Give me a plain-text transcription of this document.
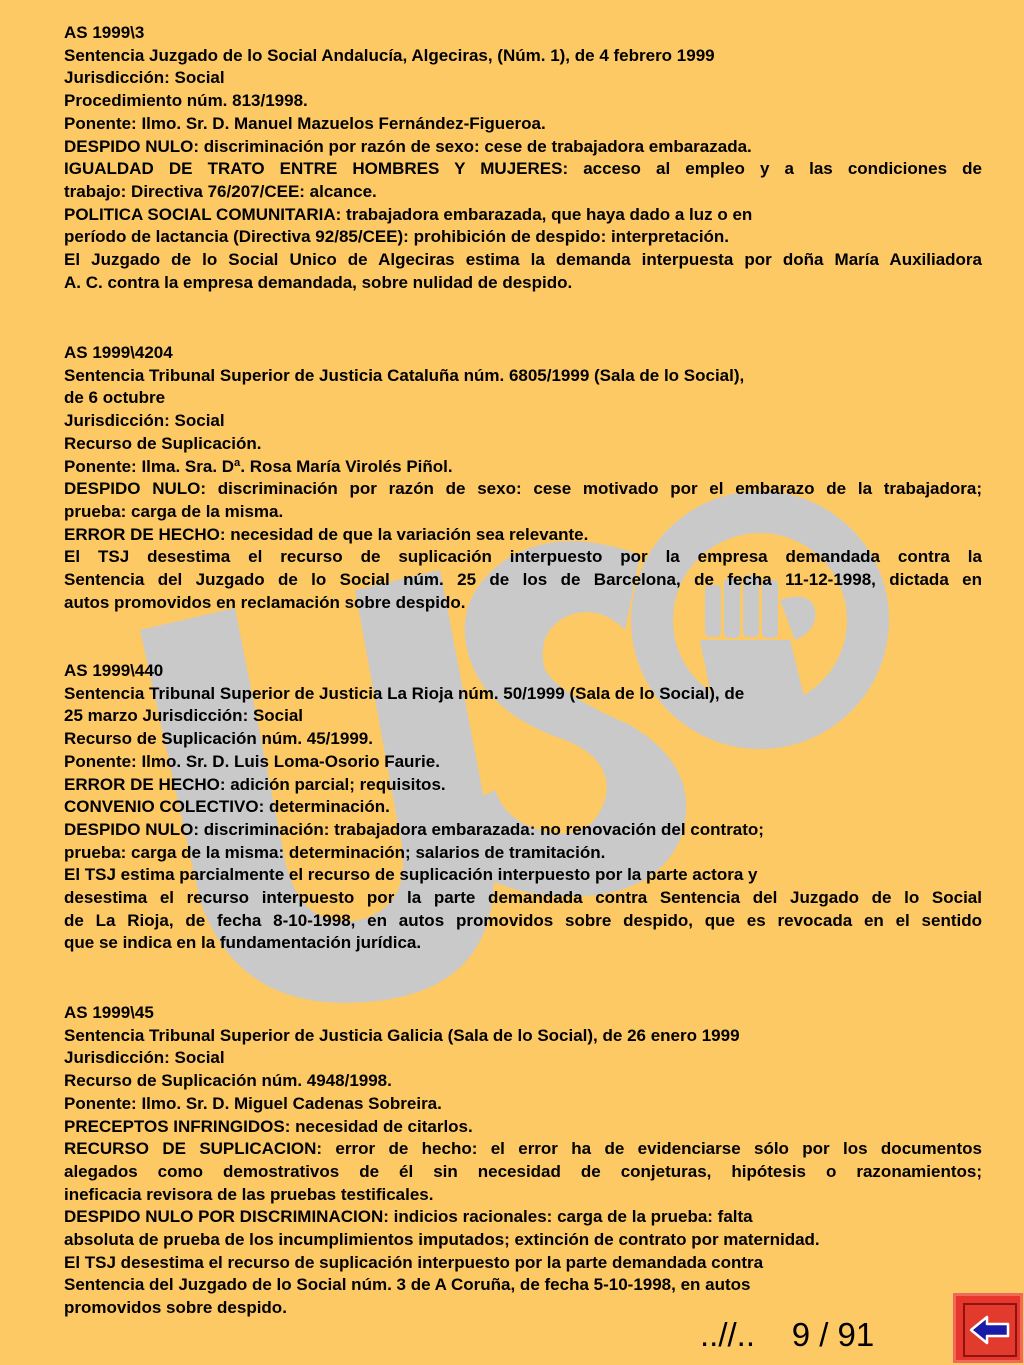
AS 1999\3
Sentencia Juzgado de lo Social Andalucía, Algeciras, (Núm. 1), de 4 febrero 1999
Jurisdicción: Social
Procedimiento núm. 813/1998.
Ponente: Ilmo. Sr. D. Manuel Mazuelos Fernández-Figueroa.
DESPIDO NULO: discriminación por razón de sexo: cese de trabajadora embarazada.
IGUALDAD DE TRATO ENTRE HOMBRES Y MUJERES: acceso al empleo y a las condiciones de
trabajo: Directiva 76/207/CEE: alcance.
POLITICA SOCIAL COMUNITARIA: trabajadora embarazada, que haya dado a luz o en
período de lactancia (Directiva 92/85/CEE): prohibición de despido: interpretación.
El Juzgado de lo Social Unico de Algeciras estima la demanda interpuesta por doña María Auxiliadora
A. C. contra la empresa demandada, sobre nulidad de despido.
AS 1999\4204
Sentencia Tribunal Superior de Justicia Cataluña núm. 6805/1999 (Sala de lo Social),
de 6 octubre
Jurisdicción: Social
Recurso de Suplicación.
Ponente: Ilma. Sra. Dª. Rosa María Virolés Piñol.
DESPIDO NULO: discriminación por razón de sexo: cese motivado por el embarazo de la trabajadora;
prueba: carga de la misma.
ERROR DE HECHO: necesidad de que la variación sea relevante.
El TSJ desestima el recurso de suplicación interpuesto por la empresa demandada contra la
Sentencia del Juzgado de lo Social núm. 25 de los de Barcelona, de fecha 11-12-1998, dictada en
autos promovidos en reclamación sobre despido.
AS 1999\440
Sentencia Tribunal Superior de Justicia La Rioja núm. 50/1999 (Sala de lo Social), de
25 marzo Jurisdicción: Social
Recurso de Suplicación núm. 45/1999.
Ponente: Ilmo. Sr. D. Luis Loma-Osorio Faurie.
ERROR DE HECHO: adición parcial; requisitos.
CONVENIO COLECTIVO: determinación.
DESPIDO NULO: discriminación: trabajadora embarazada: no renovación del contrato;
prueba: carga de la misma: determinación; salarios de tramitación.
El TSJ estima parcialmente el recurso de suplicación interpuesto por la parte actora y
desestima el recurso interpuesto por la parte demandada contra Sentencia del Juzgado de lo Social
de La Rioja, de fecha 8-10-1998, en autos promovidos sobre despido, que es revocada en el sentido
que se indica en la fundamentación jurídica.
AS 1999\45
Sentencia Tribunal Superior de Justicia Galicia (Sala de lo Social), de 26 enero 1999
Jurisdicción: Social
Recurso de Suplicación núm. 4948/1998.
Ponente: Ilmo. Sr. D. Miguel Cadenas Sobreira.
PRECEPTOS INFRINGIDOS: necesidad de citarlos.
RECURSO DE SUPLICACION: error de hecho: el error ha de evidenciarse sólo por los documentos
alegados como demostrativos de él sin necesidad de conjeturas, hipótesis o razonamientos;
ineficacia revisora de las pruebas testificales.
DESPIDO NULO POR DISCRIMINACION: indicios racionales: carga de la prueba: falta
absoluta de prueba de los incumplimientos imputados; extinción de contrato por maternidad.
El TSJ desestima el recurso de suplicación interpuesto por la parte demandada contra
Sentencia del Juzgado de lo Social núm. 3 de A Coruña, de fecha 5-10-1998, en autos
promovidos sobre despido.
..//.. 9 / 91
